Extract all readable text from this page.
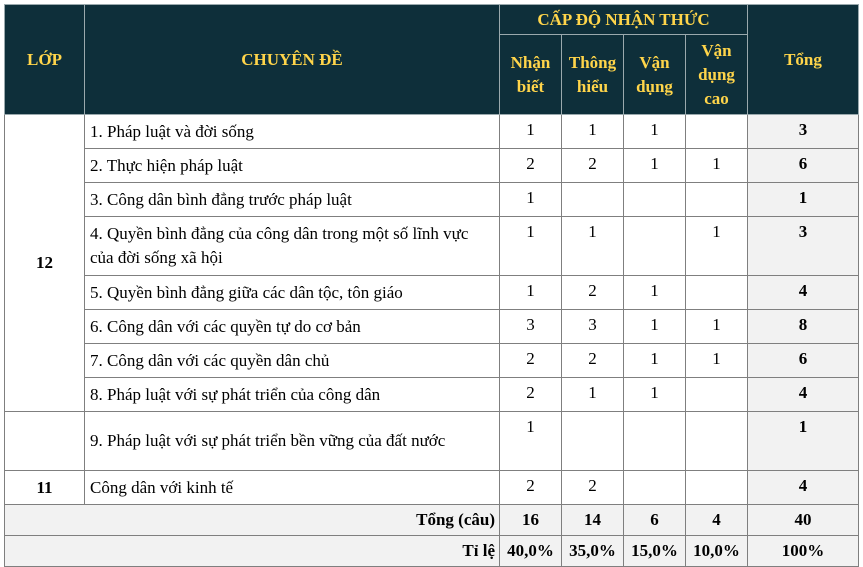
LỚP	CHUYÊN ĐỀ	CẤP ĐỘ NHẬN THỨC				Tổng
		Nhận biết	Thông hiểu	Vận dụng	Vận dụng cao	
12	1. Pháp luật và đời sống	1	1	1		3
	2. Thực hiện pháp luật	2	2	1	1	6
	3. Công dân bình đẳng trước pháp luật	1				1
	4. Quyền bình đẳng của công dân trong một số lĩnh vực của đời sống xã hội	1	1		1	3
	5. Quyền bình đẳng giữa các dân tộc, tôn giáo	1	2	1		4
	6. Công dân với các quyền tự do cơ bản	3	3	1	1	8
	7. Công dân với các quyền dân chủ	2	2	1	1	6
	8. Pháp luật với sự phát triển của công dân	2	1	1		4
	9. Pháp luật với sự phát triển bền vững của đất nước	1				1
11	Công dân với kinh tế	2	2			4
Tổng (câu)		16	14	6	4	40
Tỉ lệ		40,0%	35,0%	15,0%	10,0%	100%
